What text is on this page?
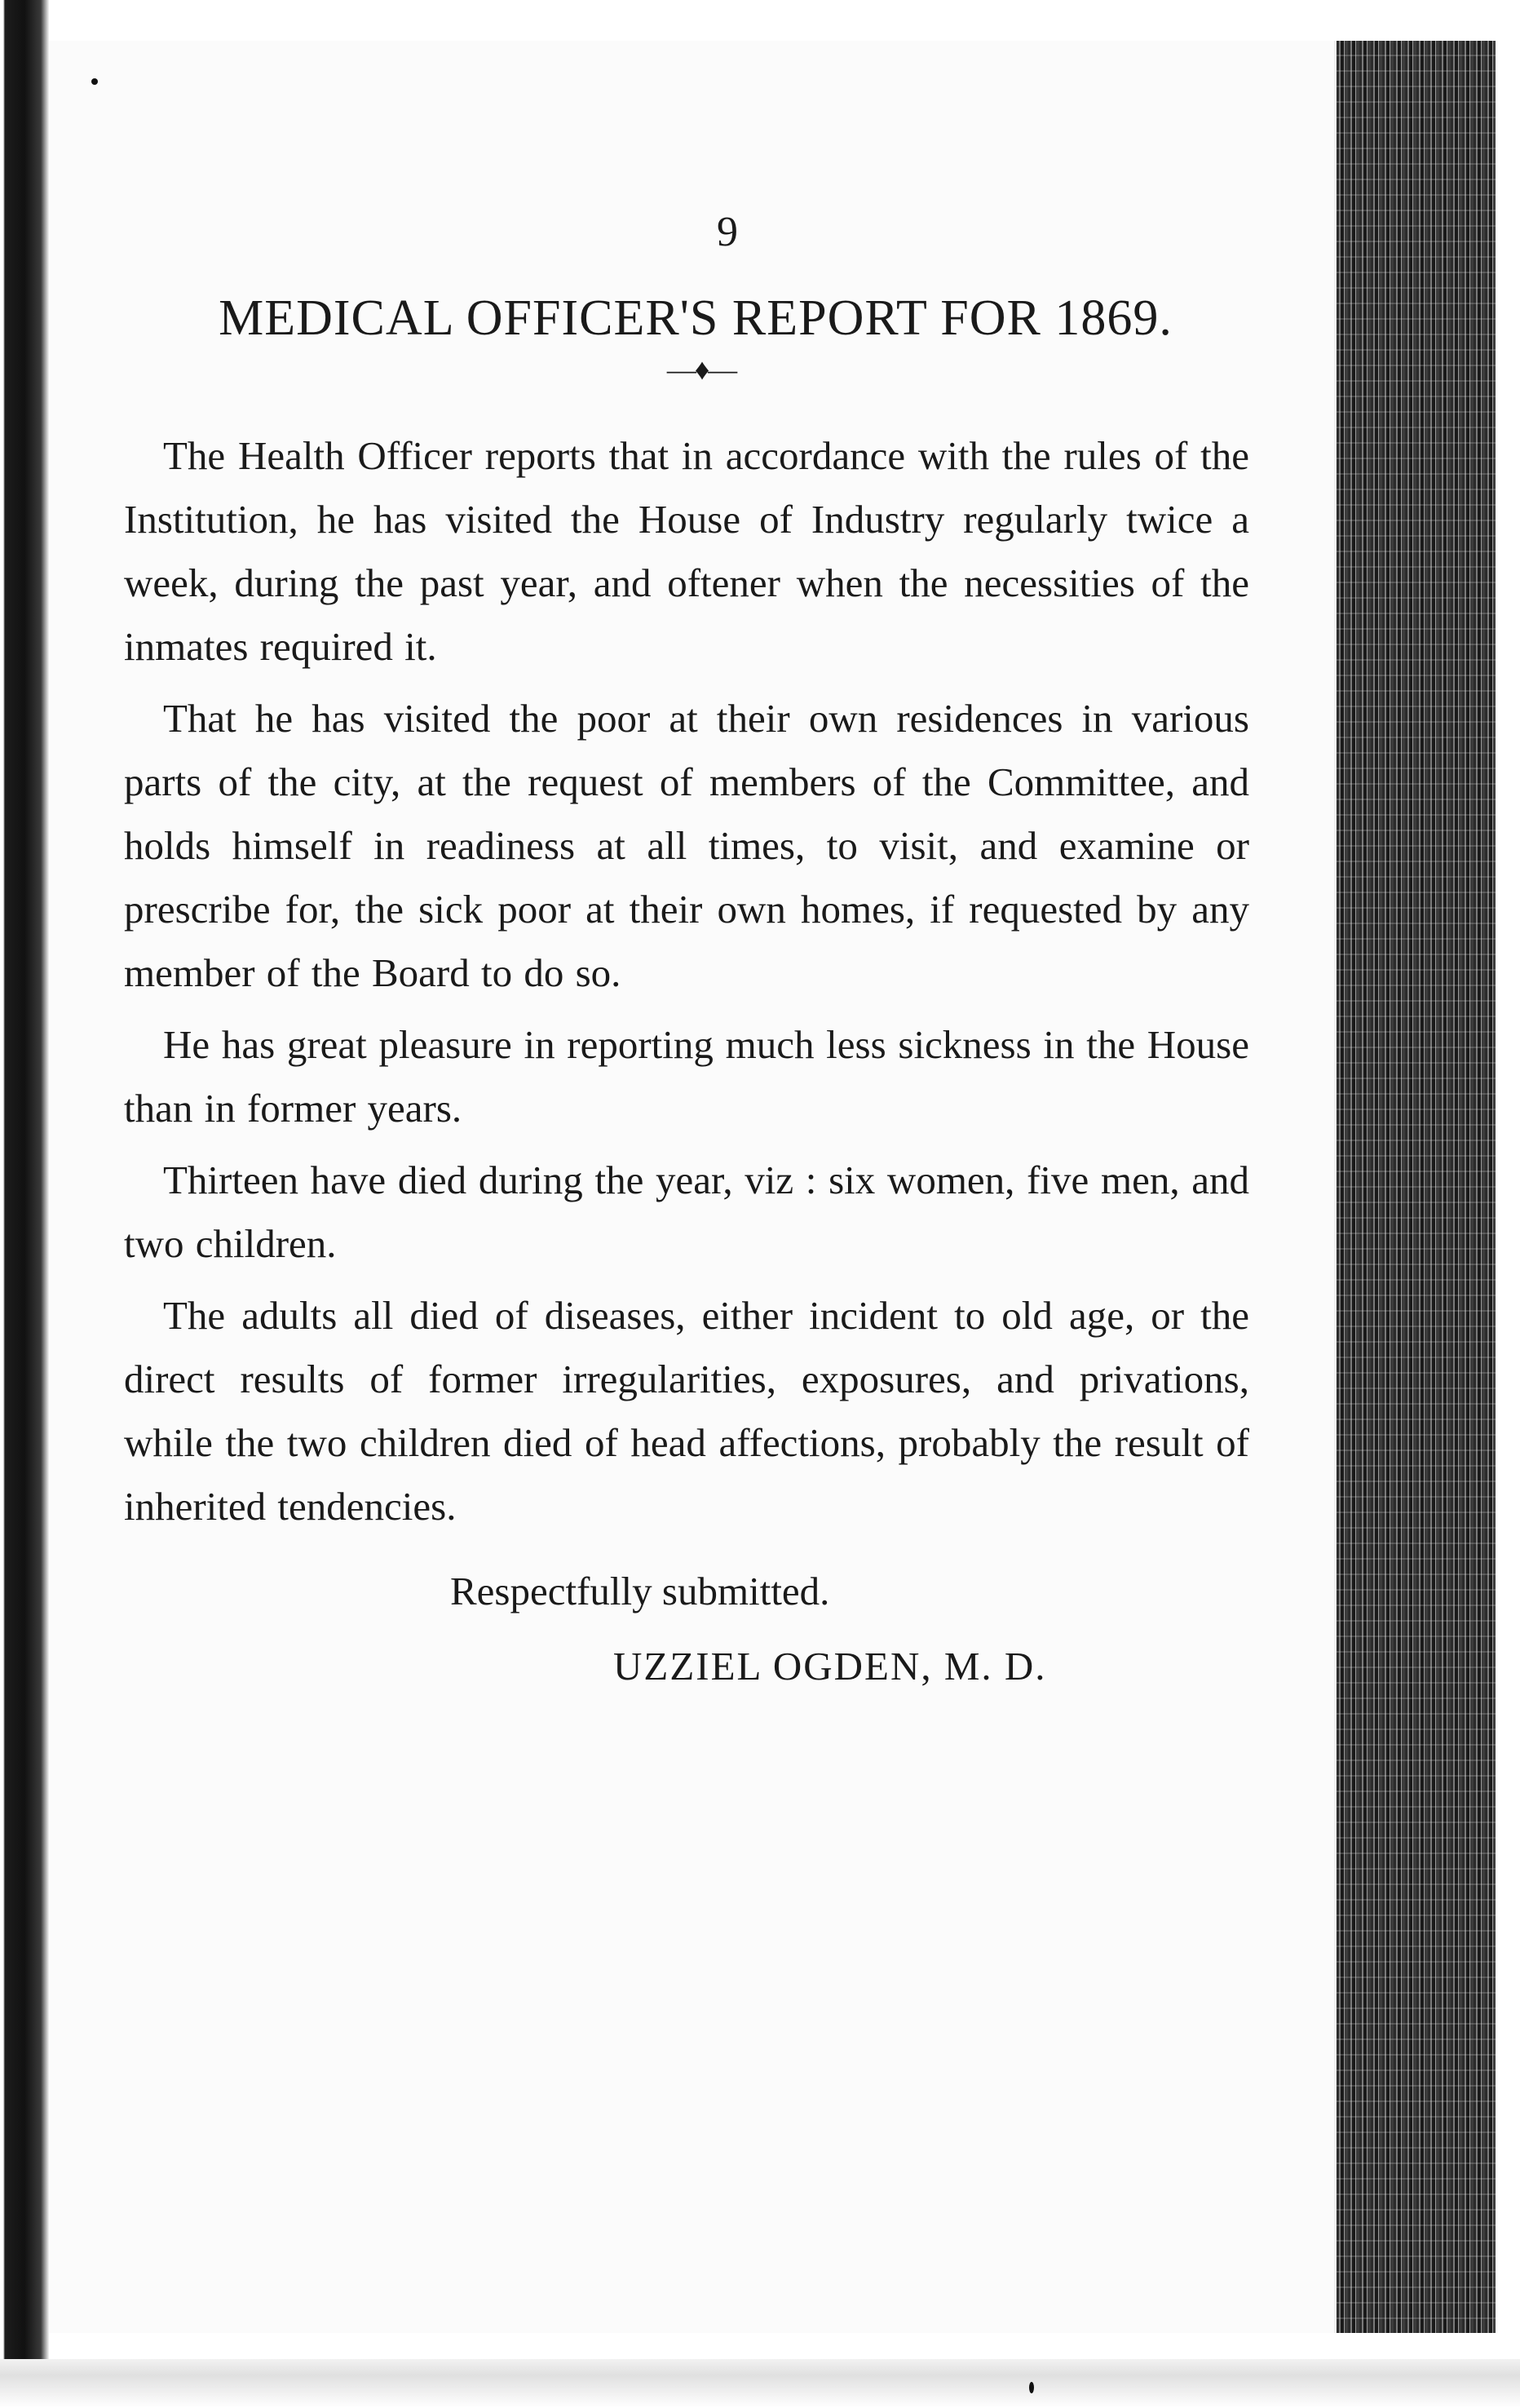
9
MEDICAL OFFICER'S REPORT FOR 1869.
—♦—

The Health Officer reports that in accordance with the rules of the Institution, he has visited the House of Industry regularly twice a week, during the past year, and oftener when the necessities of the inmates required it.

That he has visited the poor at their own residences in various parts of the city, at the request of members of the Committee, and holds himself in readiness at all times, to visit, and examine or prescribe for, the sick poor at their own homes, if requested by any member of the Board to do so.

He has great pleasure in reporting much less sickness in the House than in former years.

Thirteen have died during the year, viz : six women, five men, and two children.

The adults all died of diseases, either incident to old age, or the direct results of former irregularities, exposures, and privations, while the two children died of head affections, probably the result of inherited tendencies.

Respectfully submitted.
UZZIEL OGDEN, M. D.
